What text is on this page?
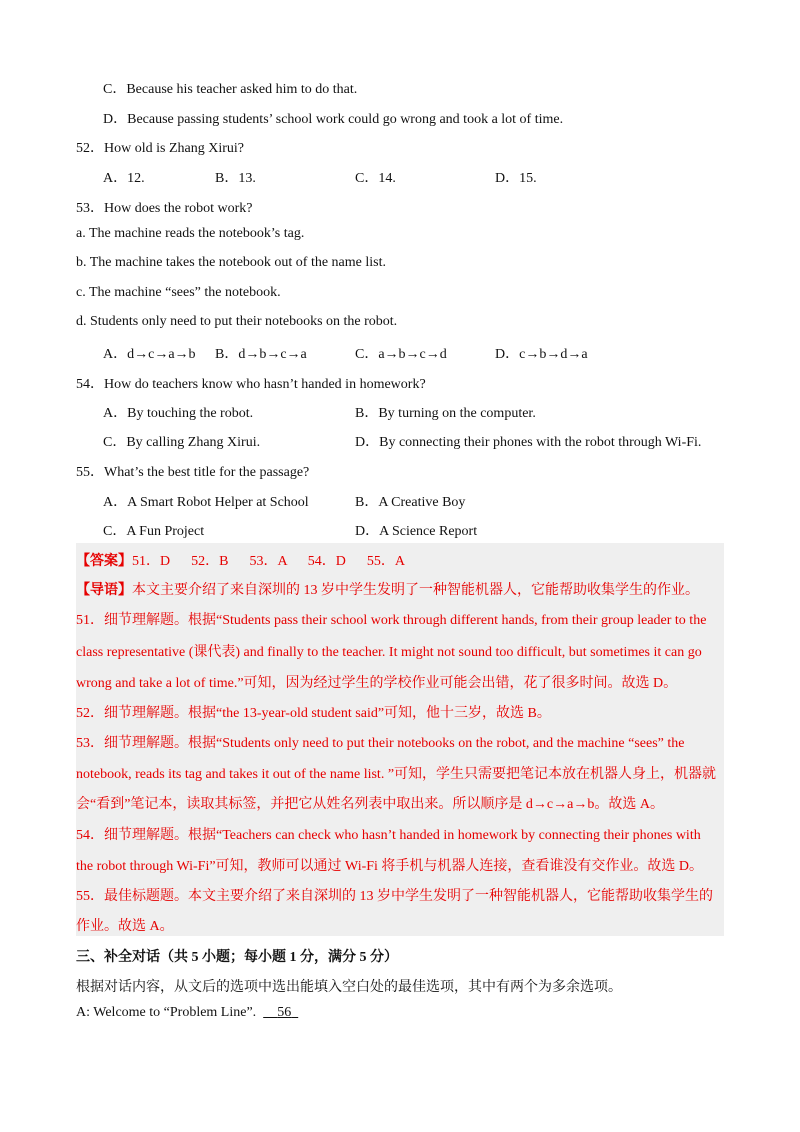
C．Because his teacher asked him to do that.
D．Because passing students’ school work could go wrong and took a lot of time.
52．How old is Zhang Xirui?
A．12.	B．13.	C．14.	D．15.
53．How does the robot work?
a. The machine reads the notebook’s tag.
b. The machine takes the notebook out of the name list.
c. The machine “sees” the notebook.
d. Students only need to put their notebooks on the robot.
A．d→c→a→b B．d→b→c→a	C．a→b→c→d	D．c→b→d→a
54．How do teachers know who hasn’t handed in homework?
A．By touching the robot.	B．By turning on the computer.
C．By calling Zhang Xirui.	D．By connecting their phones with the robot through Wi-Fi.
55．What’s the best title for the passage?
A．A Smart Robot Helper at School	B．A Creative Boy
C．A Fun Project	D．A Science Report
【答案】51．D      52．B      53．A      54．D      55．A
【导语】本文主要介绍了来自深圳的 13 岁中学生发明了一种智能机器人，它能帮助收集学生的作业。
51．细节理解题。根据“Students pass their school work through different hands, from their group leader to the
class representative (课代表) and finally to the teacher. It might not sound too difficult, but sometimes it can go
wrong and take a lot of time.”可知，因为经过学生的学校作业可能会出错，花了很多时间。故选 D。
52．细节理解题。根据“the 13-year-old student said”可知，他十三岁，故选 B。
53．细节理解题。根据“Students only need to put their notebooks on the robot, and the machine “sees” the
notebook, reads its tag and takes it out of the name list. ”可知，学生只需要把笔记本放在机器人身上，机器就
会“看到”笔记本，读取其标签，并把它从姓名列表中取出来。所以顺序是 d→c→a→b。故选 A。
54．细节理解题。根据“Teachers can check who hasn’t handed in homework by connecting their phones with
the robot through Wi-Fi”可知，教师可以通过 Wi-Fi 将手机与机器人连接，查看谁没有交作业。故选 D。
55．最佳标题题。本文主要介绍了来自深圳的 13 岁中学生发明了一种智能机器人，它能帮助收集学生的
作业。故选 A。
三、补全对话（共 5 小题；每小题 1 分，满分 5 分）
根据对话内容，从文后的选项中选出能填入空白处的最佳选项，其中有两个为多余选项。
A: Welcome to “Problem Line”. 56
